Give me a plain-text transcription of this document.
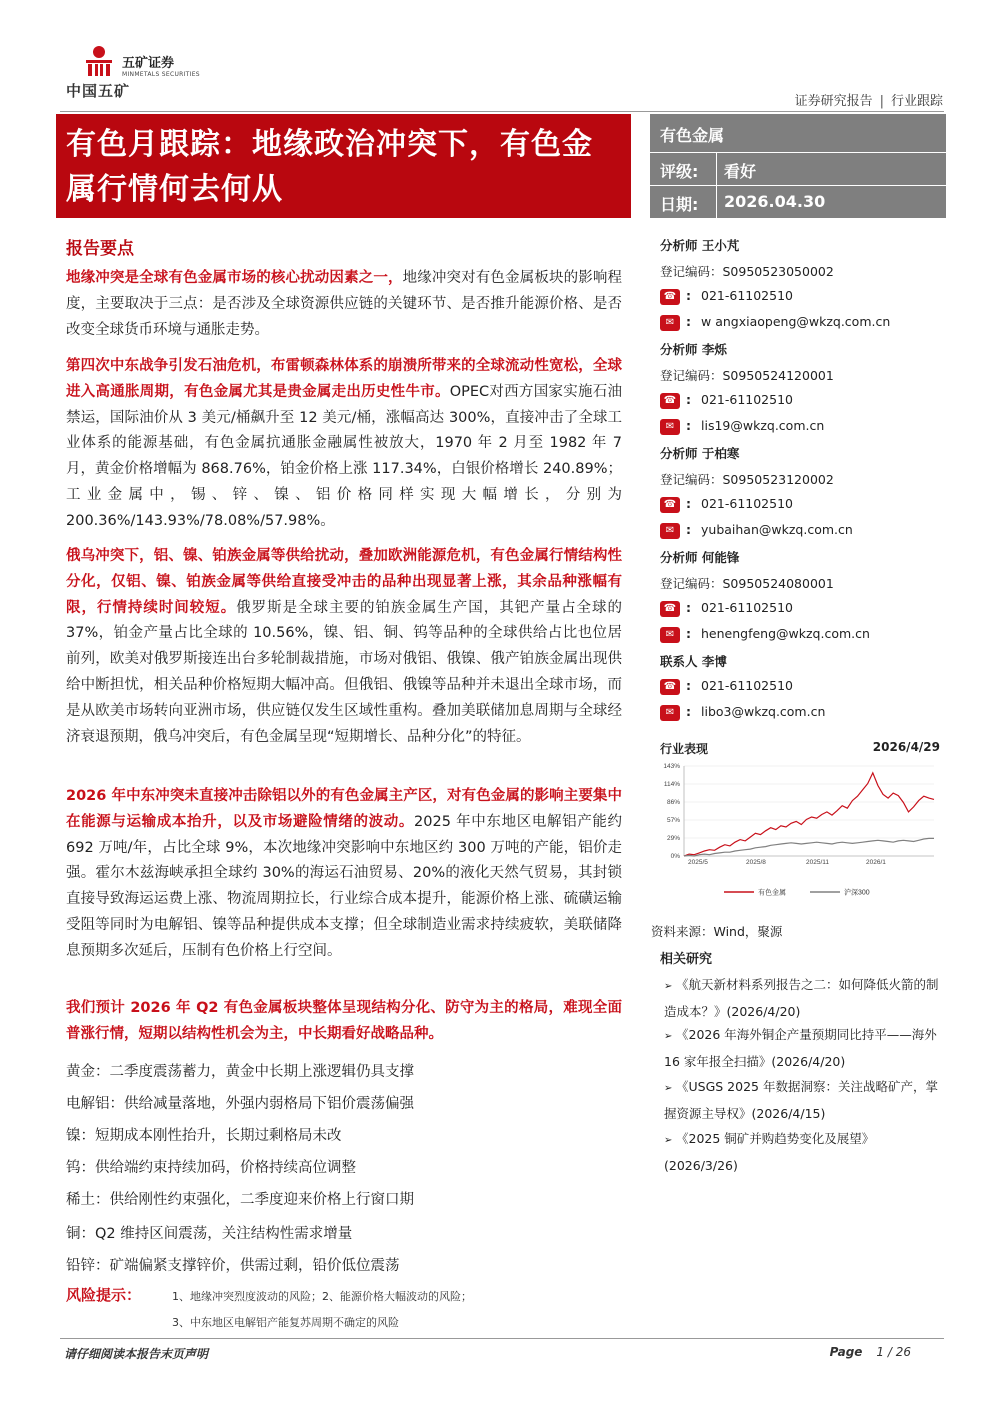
中国五矿
五矿证券
MINMETALS SECURITIES
证券研究报告 | 行业跟踪
有色月跟踪：地缘政治冲突下，有色金
属行情何去何从
有色金属
评级: 看好
日期: 2026.04.30
报告要点
地缘冲突是全球有色金属市场的核心扰动因素之一，地缘冲突对有色金属板块的影响程度，主要取决于三点：是否涉及全球资源供应链的关键环节、是否推升能源价格、是否改变全球货币环境与通胀走势。
第四次中东战争引发石油危机，布雷顿森林体系的崩溃所带来的全球流动性宽松，全球进入高通胀周期，有色金属尤其是贵金属走出历史性牛市。OPEC对西方国家实施石油禁运，国际油价从 3 美元/桶飙升至 12 美元/桶，涨幅高达 300%，直接冲击了全球工业体系的能源基础，有色金属抗通胀金融属性被放大，1970 年 2 月至 1982 年 7 月，黄金价格增幅为 868.76%，铂金价格上涨 117.34%，白银价格增长 240.89%；工业金属中，锡、锌、镍、铝价格同样实现大幅增长，分别为 200.36%/143.93%/78.08%/57.98%。
俄乌冲突下，铝、镍、铂族金属等供给扰动，叠加欧洲能源危机，有色金属行情结构性分化，仅铝、镍、铂族金属等供给直接受冲击的品种出现显著上涨，其余品种涨幅有限，行情持续时间较短。俄罗斯是全球主要的铂族金属生产国，其钯产量占全球的 37%，铂金产量占比全球的 10.56%，镍、铝、铜、钨等品种的全球供给占比也位居前列，欧美对俄罗斯接连出台多轮制裁措施，市场对俄铝、俄镍、俄产铂族金属出现供给中断担忧，相关品种价格短期大幅冲高。但俄铝、俄镍等品种并未退出全球市场，而是从欧美市场转向亚洲市场，供应链仅发生区域性重构。叠加美联储加息周期与全球经济衰退预期，俄乌冲突后，有色金属呈现“短期增长、品种分化”的特征。
2026 年中东冲突未直接冲击除铝以外的有色金属主产区，对有色金属的影响主要集中在能源与运输成本抬升，以及市场避险情绪的波动。2025 年中东地区电解铝产能约 692 万吨/年，占比全球 9%，本次地缘冲突影响中东地区约 300 万吨的产能，铝价走强。霍尔木兹海峡承担全球约 30%的海运石油贸易、20%的液化天然气贸易，其封锁直接导致海运运费上涨、物流周期拉长，行业综合成本提升，能源价格上涨、硫磺运输受阻等同时为电解铝、镍等品种提供成本支撑；但全球制造业需求持续疲软，美联储降息预期多次延后，压制有色价格上行空间。
我们预计 2026 年 Q2 有色金属板块整体呈现结构分化、防守为主的格局，难现全面普涨行情，短期以结构性机会为主，中长期看好战略品种。
黄金：二季度震荡蓄力，黄金中长期上涨逻辑仍具支撑
电解铝：供给减量落地，外强内弱格局下铝价震荡偏强
镍：短期成本刚性抬升，长期过剩格局未改
钨：供给端约束持续加码，价格持续高位调整
稀土：供给刚性约束强化，二季度迎来价格上行窗口期
铜：Q2 维持区间震荡，关注结构性需求增量
铅锌：矿端偏紧支撑锌价，供需过剩，铅价低位震荡
风险提示：	1、地缘冲突烈度波动的风险；2、能源价格大幅波动的风险；
3、中东地区电解铝产能复苏周期不确定的风险
分析师 王小芃
登记编码：S0950523050002
☎ : 021-61102510
✉ : w angxiaopeng@wkzq.com.cn
分析师 李烁
登记编码：S0950524120001
☎ : 021-61102510
✉ : lis19@wkzq.com.cn
分析师 于柏寒
登记编码：S0950523120002
☎ : 021-61102510
✉ : yubaihan@wkzq.com.cn
分析师 何能锋
登记编码：S0950524080001
☎ : 021-61102510
✉ : henengfeng@wkzq.com.cn
联系人 李博
☎ : 021-61102510
✉ : libo3@wkzq.com.cn
行业表现	2026/4/29
143%
114%
86%
57%
29%
0%
2025/5	2025/8	2025/11	2026/1
有色金属	沪深300
资料来源：Wind，聚源
相关研究
➢ 《航天新材料系列报告之二：如何降低火箭的制造成本？》(2026/4/20)
➢ 《2026 年海外铜企产量预期同比持平——海外 16 家年报全扫描》(2026/4/20)
➢ 《USGS 2025 年数据洞察：关注战略矿产，掌握资源主导权》(2026/4/15)
➢ 《2025 铜矿并购趋势变化及展望》(2026/3/26)
请仔细阅读本报告末页声明	Page 1 / 26
